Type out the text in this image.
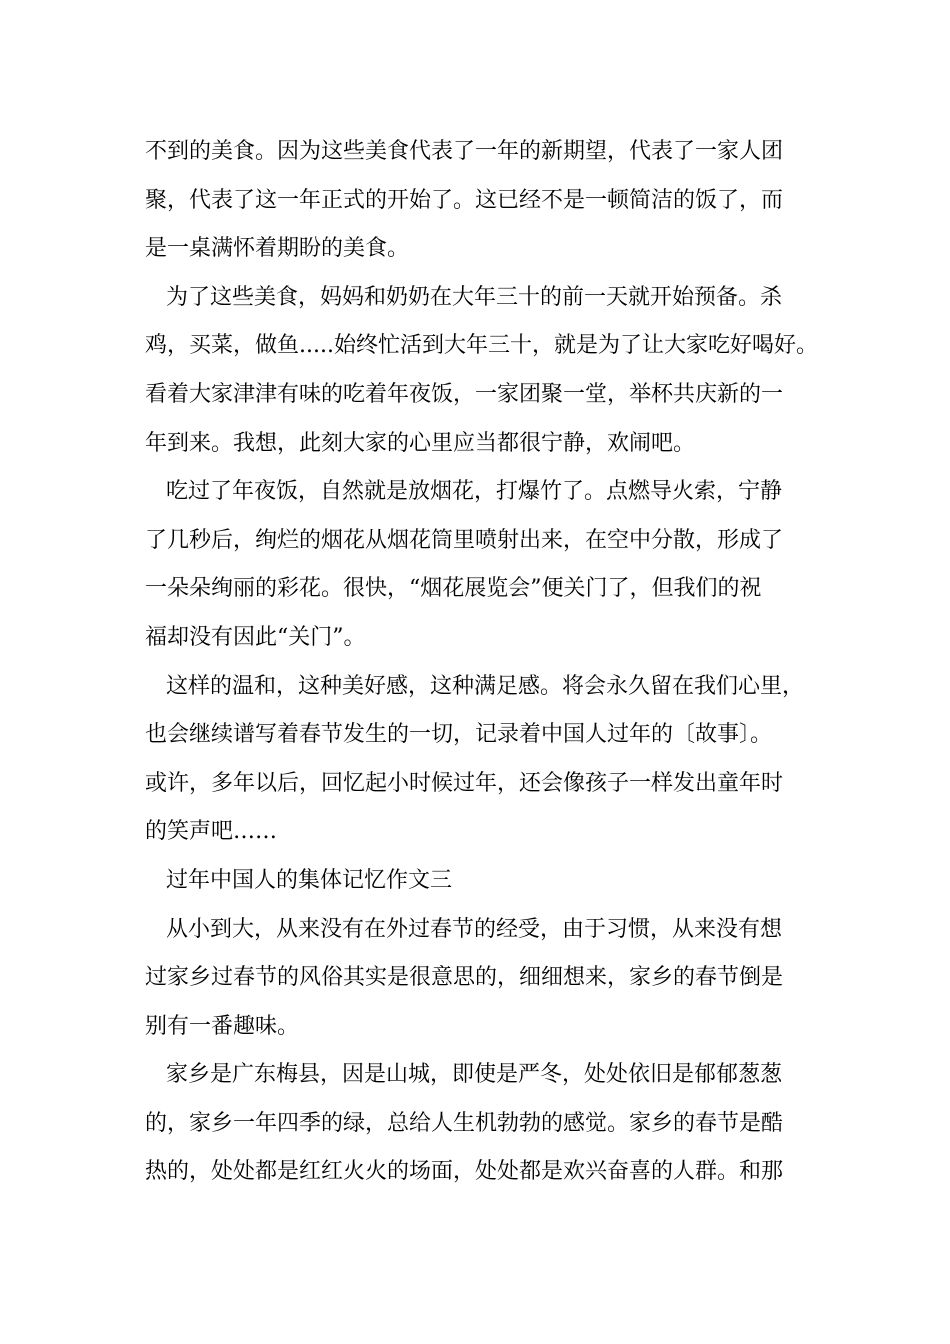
不到的美食。因为这些美食代表了一年的新期望，代表了一家人团
聚，代表了这一年正式的开始了。这已经不是一顿简洁的饭了，而
是一桌满怀着期盼的美食。
为了这些美食，妈妈和奶奶在大年三十的前一天就开始预备。杀
鸡，买菜，做鱼.....始终忙活到大年三十，就是为了让大家吃好喝好。
看着大家津津有味的吃着年夜饭，一家团聚一堂，举杯共庆新的一
年到来。我想，此刻大家的心里应当都很宁静，欢闹吧。
吃过了年夜饭，自然就是放烟花，打爆竹了。点燃导火索，宁静
了几秒后，绚烂的烟花从烟花筒里喷射出来，在空中分散，形成了
一朵朵绚丽的彩花。很快，“烟花展览会”便关门了，但我们的祝
福却没有因此“关门”。
这样的温和，这种美好感，这种满足感。将会永久留在我们心里，
也会继续谱写着春节发生的一切，记录着中国人过年的〔故事〕。
或许，多年以后，回忆起小时候过年，还会像孩子一样发出童年时
的笑声吧……
过年中国人的集体记忆作文三
从小到大，从来没有在外过春节的经受，由于习惯，从来没有想
过家乡过春节的风俗其实是很意思的，细细想来，家乡的春节倒是
别有一番趣味。
家乡是广东梅县，因是山城，即使是严冬，处处依旧是郁郁葱葱
的，家乡一年四季的绿，总给人生机勃勃的感觉。家乡的春节是酷
热的，处处都是红红火火的场面，处处都是欢兴奋喜的人群。和那
